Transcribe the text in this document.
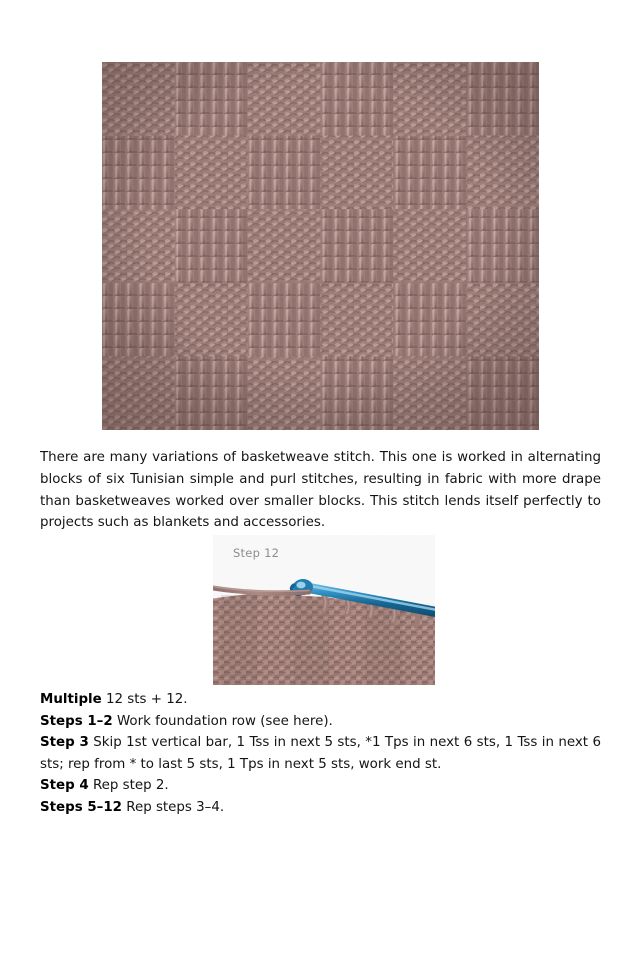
There are many variations of basketweave stitch. This one is worked in alternating blocks of six Tunisian simple and purl stitches, resulting in fabric with more drape than basketweaves worked over smaller blocks. This stitch lends itself perfectly to projects such as blankets and accessories.

Step 12

Multiple 12 sts + 12.

Steps 1–2 Work foundation row (see here).

Step 3 Skip 1st vertical bar, 1 Tss in next 5 sts, *1 Tps in next 6 sts, 1 Tss in next 6 sts; rep from * to last 5 sts, 1 Tps in next 5 sts, work end st.

Step 4 Rep step 2.

Steps 5–12 Rep steps 3–4.
